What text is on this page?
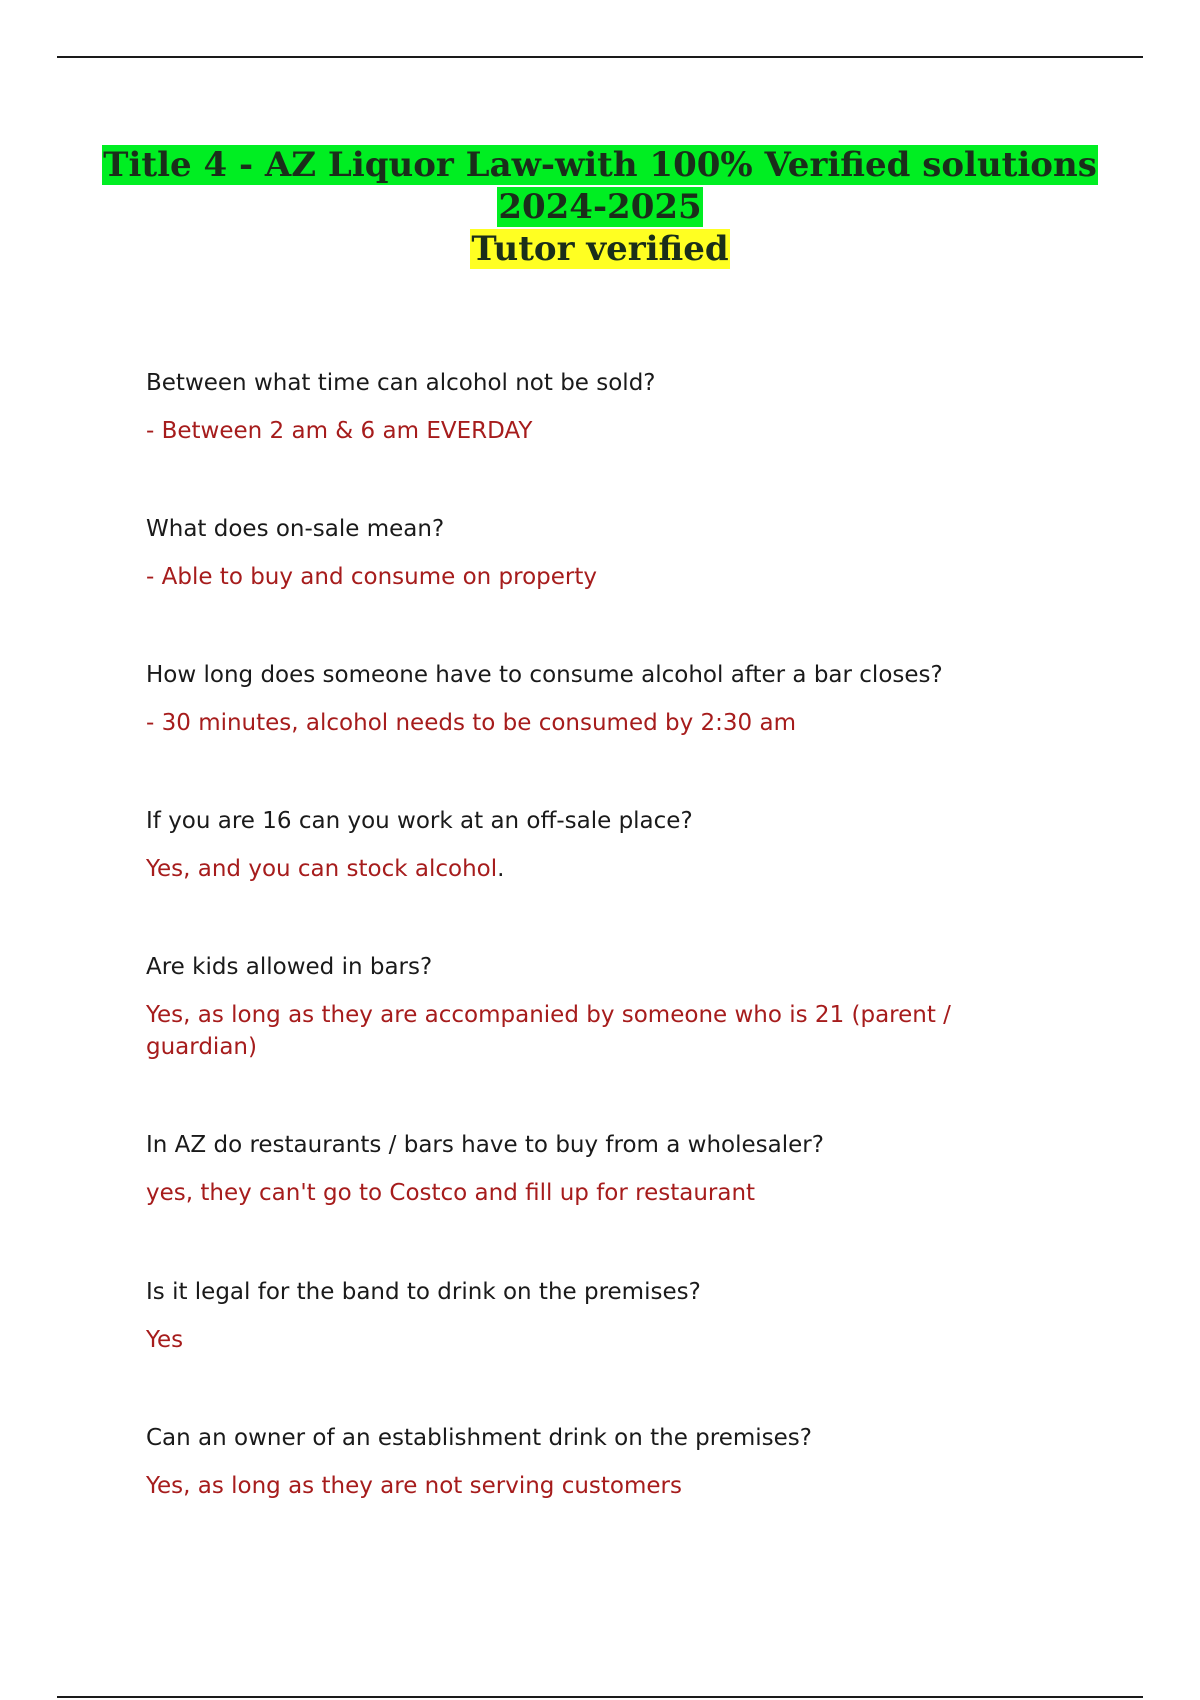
Title 4 - AZ Liquor Law-with 100% Verified solutions
2024-2025
Tutor verified

Between what time can alcohol not be sold?

- Between 2 am & 6 am EVERDAY

What does on-sale mean?

- Able to buy and consume on property

How long does someone have to consume alcohol after a bar closes?

- 30 minutes, alcohol needs to be consumed by 2:30 am

If you are 16 can you work at an off-sale place?

Yes, and you can stock alcohol.

Are kids allowed in bars?

Yes, as long as they are accompanied by someone who is 21 (parent / guardian)

In AZ do restaurants / bars have to buy from a wholesaler?

yes, they can't go to Costco and fill up for restaurant

Is it legal for the band to drink on the premises?

Yes

Can an owner of an establishment drink on the premises?

Yes, as long as they are not serving customers
